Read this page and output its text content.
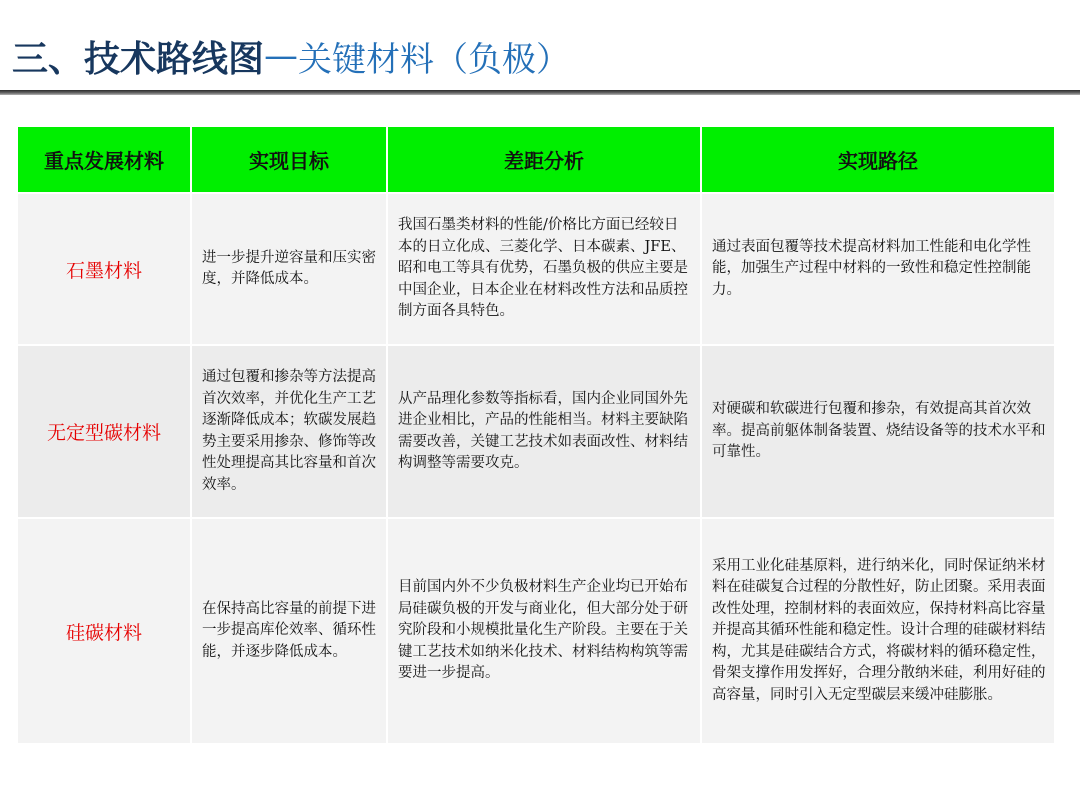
三、技术路线图 — 关键材料（负极）
重点发展材料	实现目标	差距分析	实现路径

石墨材料	进一步提升逆容量和压实密度，并降低成本。	我国石墨类材料的性能/价格比方面已经较日本的日立化成、三菱化学、日本碳素、JFE、昭和电工等具有优势，石墨负极的供应主要是中国企业，日本企业在材料改性方法和品质控制方面各具特色。	通过表面包覆等技术提高材料加工性能和电化学性能，加强生产过程中材料的一致性和稳定性控制能力。

无定型碳材料	通过包覆和掺杂等方法提高首次效率，并优化生产工艺逐渐降低成本；软碳发展趋势主要采用掺杂、修饰等改性处理提高其比容量和首次效率。	从产品理化参数等指标看，国内企业同国外先进企业相比，产品的性能相当。材料主要缺陷需要改善，关键工艺技术如表面改性、材料结构调整等需要攻克。	对硬碳和软碳进行包覆和掺杂，有效提高其首次效率。提高前躯体制备装置、烧结设备等的技术水平和可靠性。

硅碳材料	在保持高比容量的前提下进一步提高库伦效率、循环性能，并逐步降低成本。	目前国内外不少负极材料生产企业均已开始布局硅碳负极的开发与商业化，但大部分处于研究阶段和小规模批量化生产阶段。主要在于关键工艺技术如纳米化技术、材料结构构筑等需要进一步提高。	采用工业化硅基原料，进行纳米化，同时保证纳米材料在硅碳复合过程的分散性好，防止团聚。采用表面改性处理，控制材料的表面效应，保持材料高比容量并提高其循环性能和稳定性。设计合理的硅碳材料结构，尤其是硅碳结合方式，将碳材料的循环稳定性，骨架支撑作用发挥好，合理分散纳米硅，利用好硅的高容量，同时引入无定型碳层来缓冲硅膨胀。
